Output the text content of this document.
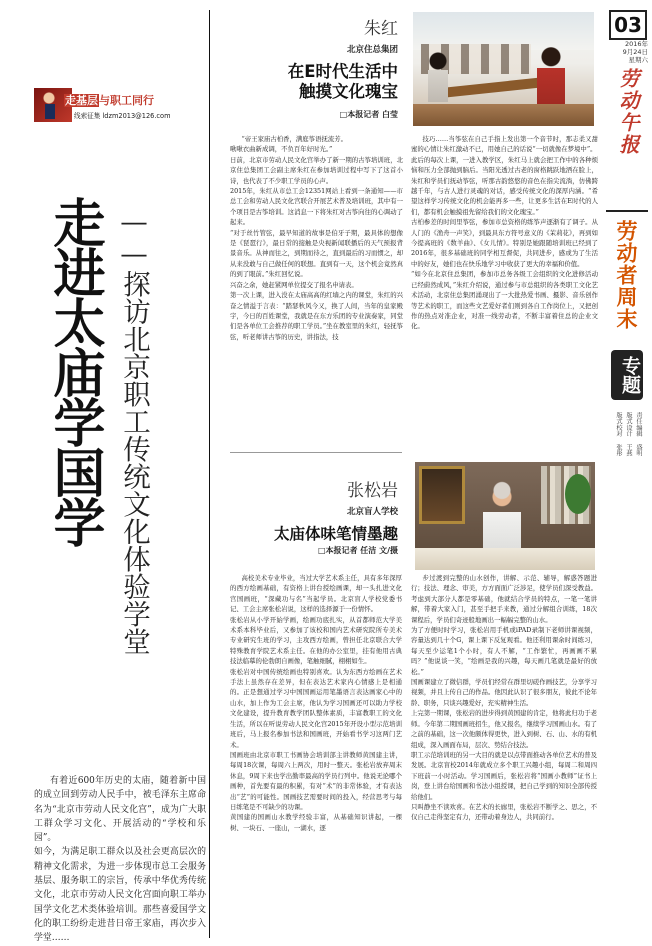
03
2016年
9月24日
星期六
劳动午报
劳动者周末
专题
责任编辑 盛明
版式设计 王燕
版式校对 张彤
走基层与职工同行
线索征集 ldzm2013@126.com
走进太庙学国学 ——探访北京职工传统文化体验学堂
有着近600年历史的太庙，随着新中国的成立回到劳动人民手中，被毛泽东主席命名为“北京市劳动人民文化宫”，成为广大职工群众学习文化、开展活动的“学校和乐园”。
如今，为满足职工群众以及社会更高层次的精神文化需求，为进一步体现市总工会服务基层、服务职工的宗旨，传承中华优秀传统文化，北京市劳动人民文化宫面向职工举办国学文化艺术类体验培训。那些喜爱国学文化的职工纷纷走进昔日帝王家庙，再次步入学堂……
朱红
北京住总集团
在E时代生活中
触摸文化瑰宝
□本报记者 白莹
“帝王家庙古柏香，满庭筝语抚流芳。
啾啾衣曲新成调，不负百年好时光。”
日前，北京市劳动人民文化宫举办了新一期的古筝培训班，北京住总集团工会副主席朱红在参加培训过程中写下了这首小诗，也代表了不少职工学员的心声。
2015年，朱红从市总工会12351网站上看到一条通知——市总工会和劳动人民文化宫联合开展艺术普及培训班，其中有一个项目是古筝培训。这消息一下将朱红对古筝向往的心调动了起来。
“对于丝竹管弦，最早知道的故事是伯牙子期，最具体的想像是《琵琶行》，最日常的接触是央视新闻联播后的天气预报背景音乐。从神而往之，到期而待之，直到最后的习而惯之，却从来没敢与自己做任何的联想。直到有一天，这个机会竟然真的到了眼前。”朱红回忆说。
兴奋之余，她赶紧网单位提交了报名申请表。
第一次上课，进入没在太庙高高的红墙之内的课堂，朱红的兴奋之情溢于言表：“踏瑟秋风今又，换了人间，当年的皇家殿宇，今日的百姓课堂，我就是在东方乐团的专业演奏家，同堂们是各单位工会推荐的职工学员。”坐在教室里的朱红，轻抚筝弦，听老师讲古筝的历史，讲指法，技
技巧……当筝弦在自己手指上发出第一个音节时，那志柔又甜蜜的心情让朱红激动不已，用她自己的话说“一切就像在梦境中”。
此后的每次上课，一进入教学区，朱红马上就会把工作中的各种烦恼和压力全部抛到脑后。当阳光透过古老的窗格跳跃地洒在脸上，朱红和学员们抚动筝弦，听那古韵悠悠的音色在指尖流淌，仿佛跨越千年，与古人进行灵魂的对话，感受传统文化的深厚内涵。“希望这样学习传统文化的机会能再多一些，让更多生活在E时代的人们，都有机会触摸祖先留给我们的文化瑰宝。”
古柏参差的时间里筝弦，参加市总资格的练筝声逐渐有了调子。从人门的《渔舟一声笑》，到最具东方符号意义的《茉莉花》，再到如今提高班的《数羊曲》、《女儿情》。特别是她跟随培训班已经到了2016年，很多基础班的同学相互督促，共同进步，感或为了生活中的好友，她们也在快乐地学习中收获了更大的幸福和价值。
“如今在北京住总集团，参加市总务各级工会组织的文化进修活动已经蔚然成风，”朱红介绍说，通过参与市总组织的各类职工文化艺术活动，北京住总集团涌现出了一大批热爱书画、摄影、音乐创作等艺术的职工，而这些文艺爱好者们则到各自工作岗位上，又把创作的热点对准企业，对准一线劳动者，不断丰富着住总的企业文化。
张松岩
北京盲人学校
太庙体味笔情墨趣
□本报记者 任洁 文/摄
高校美术专业毕业，当过大学艺术系主任，具有多年深厚的西方绘画基础，有资格上讲台授绘画课，却一头扎进文化宫国画班，“深藏功与名”当起学员。北京盲人学校党委书记、工会主席张松岩说，这样的选择源于一份情怀。
张松岩从小学开始学画，绘画功底扎实，从首都师范大学美术系本科毕业后，又参加了该校和国内艺术研究院所专美术专业研究生班的学习，主攻西方绘画，曾担任北京联合大学特殊教育学院艺术系主任。在他的办公室里，挂有他用古典技法临摹的伦勃朗自画像，笔触细腻，栩栩如生。
张松岩对中国传统绘画也特别喜欢。认为东西方绘画在艺术手法上虽然存在差异，但在表达艺术家内心情感上是相通的。正是想通过学习中国国画运用笔墨语言表达画家心中的山水，加上作为工会主席，他认为学习国画还可以助力学校文化建设，提升教育教学团队整体素质，丰富教职工的文化生活，所以在听说劳动人民文化宫2015年开设小型示范培训班后，马上报名参加书法和国画班，开始看书学习这两门艺术。
国画班由北京市职工书画协会培训部主讲教师黄国建主讲，每周18次课，每周六上两次，用时一整天。张松岩放弃周末休息，9周下来也学出勤率最高的学员行列中。他说无论哪个画种，首先要有最的积累，有对“术”的非常体验，才有表达出“艺”的可能性。国画技艺需要时间的投入，经营思考与每日练笔是不可缺少的功课。
黄国建的国画山水教学经验丰富，从基础知识讲起，一棵树、一块石、一座山，一湖水，逐
步过渡到完整的山水创作，讲解、示范、辅导，解惑答题进行；技法、理念、审美，方方面面广泛涉足，使学员们深受教益。考虑到大部分人都是零基础，他就结合学员的特点，一笔一笔讲解，带着大家入门，甚至手把手来教，通过分解组合训练，18次课程后，学员们奇迹般地画出一幅幅完整的山水。
为了方便时时学习，张松岩用手机或iPAD录制下老师讲课视频，容量达到几十个G，课上课下反复观看。他还利用课余时间练习，每天至少运笔1个小时，有人不解，“工作繁忙，再画画不累吗？”他说谈一笑，“绘画是我的兴趣，每天画几笔就是最好的放松。”
国画课建立了微信群，学员们经常在群里切磋作画技艺，分享学习视频，并且上传自己的作品。他因此认识了很多朋友，彼此不论年龄、职务，只谈兴趣爱好，充实精神生活。
上完第一期课，张松岩的进步得到黄国建的肯定，他将此归功于老师。今年第二期国画班招生，他又报名，继续学习国画山水。有了之前的基础，这一次他颇体得更快，进入到树、石、山、水的有机组成，深入画面布局，层次、势结合技法。
职工示范培训班的另一大目的就是以点带面推动各单位艺术的普及发展。北京盲校2014年就成立多个职工兴趣小组，每周二和周四下班前一小时活动。学习国画后，张松岩将“国画小教师”证书上岗，登上讲台给国画和书法小组授课，把自己学到的知识全部传授给他们。
只叫静坐不读欢喜。在艺术的长廊里，张松岩不断学之、思之，不仅自己走得坚定有力，还带动着身边人，共同前行。
